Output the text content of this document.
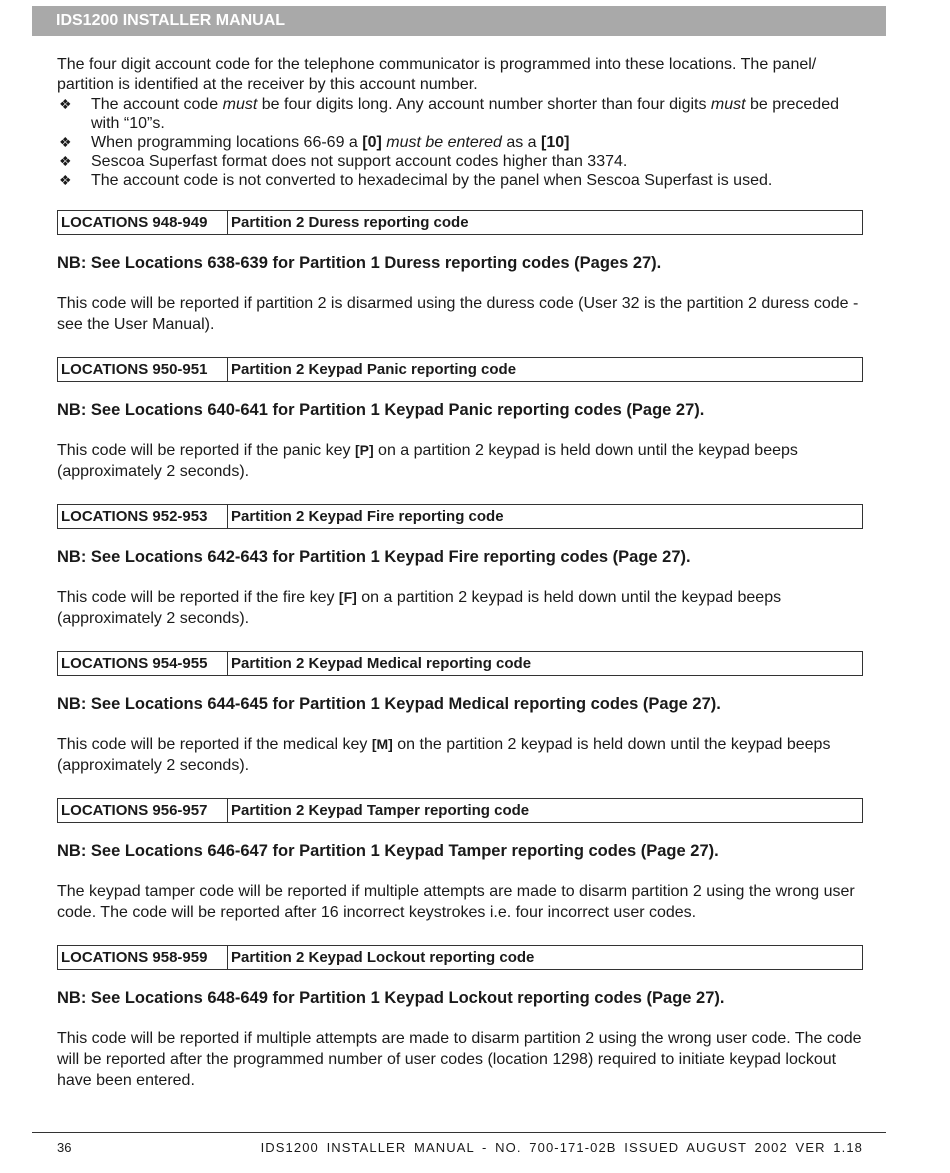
IDS1200 INSTALLER MANUAL

The four digit account code for the telephone communicator is programmed into these locations. The panel/

partition is identified at the receiver by this account number.

❖ The account code must be four digits long. Any account number shorter than four digits must be preceded with “10”s.
❖ When programming locations 66-69 a [0] must be entered as a [10]
❖ Sescoa Superfast format does not support account codes higher than 3374.
❖ The account code is not converted to hexadecimal by the panel when Sescoa Superfast is used.
LOCATIONS 948-949	Partition 2 Duress reporting code

NB: See Locations 638-639 for Partition 1 Duress reporting codes (Pages 27).

This code will be reported if partition 2 is disarmed using the duress code (User 32 is the partition 2 duress code - see the User Manual).

LOCATIONS 950-951	Partition 2 Keypad Panic reporting code

NB: See Locations 640-641 for Partition 1 Keypad Panic reporting codes (Page 27).

This code will be reported if the panic key [P] on a partition 2 keypad is held down until the keypad beeps (approximately 2 seconds).

LOCATIONS 952-953	Partition 2 Keypad Fire reporting code

NB: See Locations 642-643 for Partition 1 Keypad Fire reporting codes (Page 27).

This code will be reported if the fire key [F] on a partition 2 keypad is held down until the keypad beeps (approximately 2 seconds).

LOCATIONS 954-955	Partition 2 Keypad Medical reporting code

NB: See Locations 644-645 for Partition 1 Keypad Medical reporting codes (Page 27).

This code will be reported if the medical key [M] on the partition 2 keypad is held down until the keypad beeps (approximately 2 seconds).

LOCATIONS 956-957	Partition 2 Keypad Tamper reporting code

NB: See Locations 646-647 for Partition 1 Keypad Tamper reporting codes (Page 27).

The keypad tamper code will be reported if multiple attempts are made to disarm partition 2 using the wrong user code. The code will be reported after 16 incorrect keystrokes i.e. four incorrect user codes.

LOCATIONS 958-959	Partition 2 Keypad Lockout reporting code

NB: See Locations 648-649 for Partition 1 Keypad Lockout reporting codes (Page 27).

This code will be reported if multiple attempts are made to disarm partition 2 using the wrong user code. The code will be reported after the programmed number of user codes (location 1298) required to initiate keypad lockout have been entered.

36	IDS1200 INSTALLER MANUAL - NO. 700-171-02B ISSUED AUGUST 2002 VER 1.18
